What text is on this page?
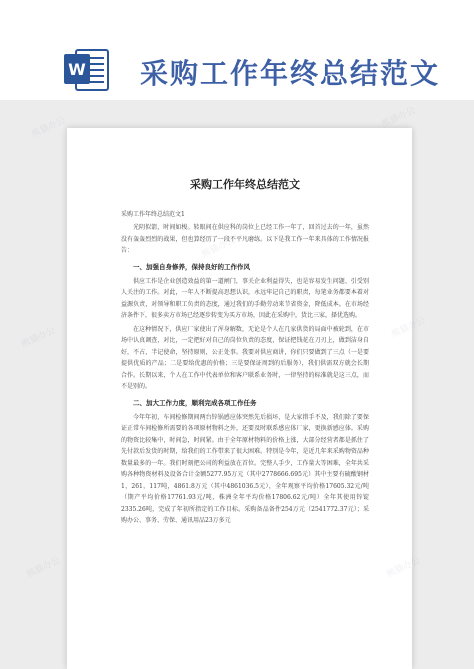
W 采购工作年终总结范文
采购工作年终总结范文
采购工作年终总结范文1

光阴似箭，时间如梭。转眼间在供应科的岗位上已经工作一年了，回首过去的一年，虽然没有轰轰烈烈的战果，但也算经历了一段不平凡磨练。以下是我工作一年来具体的工作情况报告：

一、加强自身修养，保持良好的工作作风

供应工作是企业创造效益的第一道闸门，事关企业利益得失，也是容易发生问题、引受别人关注的工作。对此，一年人不断提高思想认识，永远牢记自己的职责，每笔业务都要本着对益源负责，对领导和职工负责的态度，通过我们的手勤劳动来节省资金，降低成本。在市场经济条件下，很多卖方市场已经逐步转变为买方市场，因此在采购中，货比三家，择优选购。

在这种情况下，供应厂家使出了浑身解数，无论是个人在几家供货的局面中被轮到，在市场中认真调查，对比，一定把好对自己的岗位负责的态度，保证把钱花在刀刃上，做到洁身自好，不占，半记使命，坚持原则，公正处事。我要对供应商讲，你们只要做到了三点（一是要提供优质的产品；二是要给优惠的价格；三是要保证周到的后服务），我们供需双方就会长期合作。长期以来，个人在工作中代表单位和客户联系业务时，一律坚持的标准就是这三点，而不是别的。

二、加大工作力度，顺利完成各项工作任务

今年年初，车间检修期间两台锌锅感应体突然先后损坏，是大家措手不及，我们除了要保证正常车间检修所需要的各项原材物料之外，还要及时联系感应体厂家，更换新感应体。采购的物资比较集中，时间急，时间紧。由于全年原材物料的价格上涨，大部分经营者都是抓住了先付款后发货的时期，给我们的工作带来了很大困难。特别是今年，是近几年来采购物资品种数量最多的一年。我们时刻把公司的利益放在首位。完整人手少，工作量大等困难，全年共采购各种物资材料及设备合计金额5277.95万元（其中2778666.695元）其中主要有硫酸钢材1，261，117吨，4861.8万元（其中4861036.5元），全年观察平均价格17605.32元/吨（期产平均价格17761.93元/吨，株洲全年平均价格17806.62元/吨）全年其使用锌锭2335.26吨，完成了年初所指定的工作目标。采购备品备件254万元（2541772.37元）；采购办公、事务、劳保、通讯用品23万多元

熊猫办公	熊猫办公
熊猫办公
熊猫办公
